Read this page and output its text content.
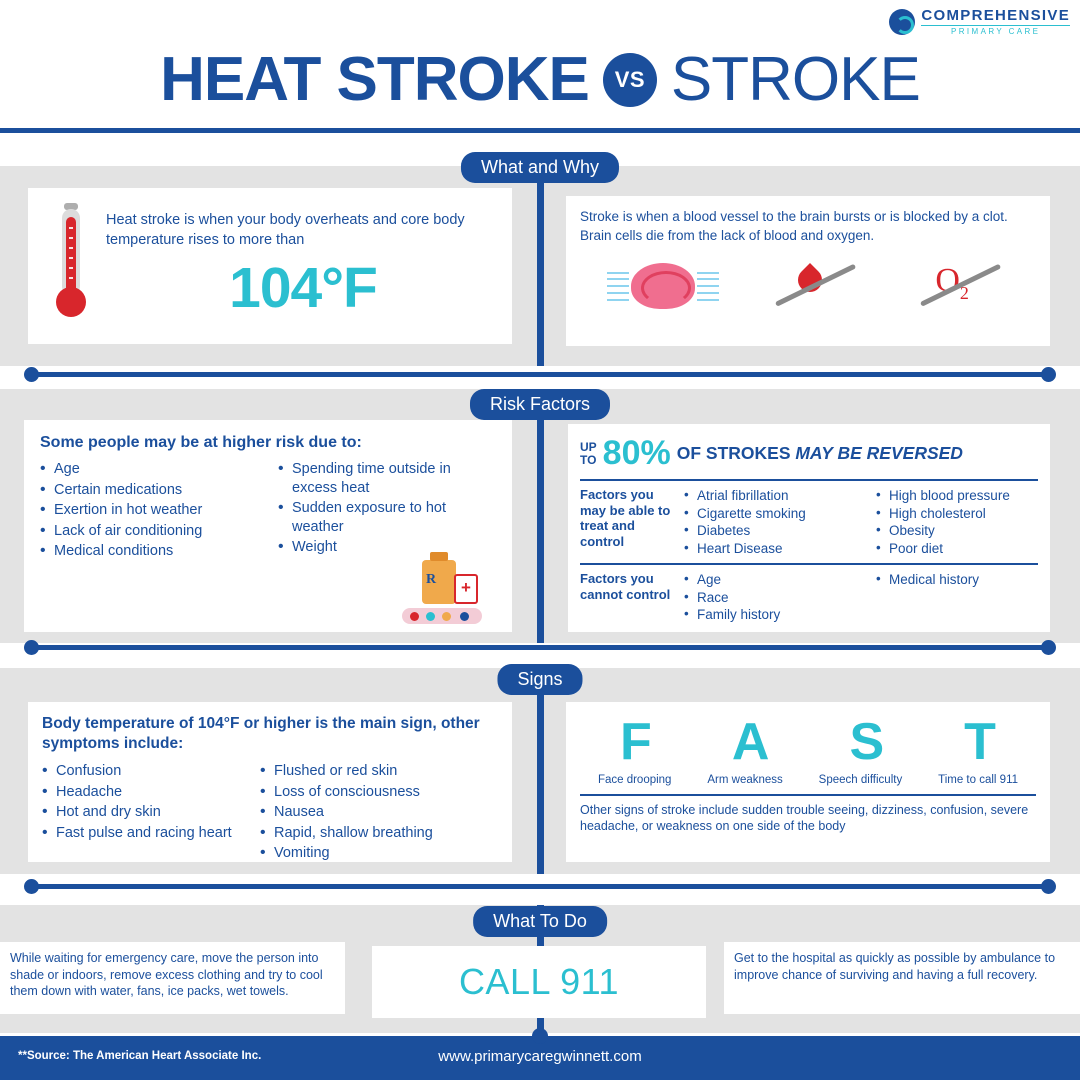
COMPREHENSIVE
PRIMARY CARE
HEAT STROKE	VS STROKE
What and Why
Heat stroke is when your body overheats and core body temperature rises to more than
104°F
Stroke is when a blood vessel to the brain bursts or is blocked by a clot. Brain cells die from the lack of blood and oxygen.
$O_2$
Risk Factors
Some people may be at higher risk due to:
• Age
• Certain medications
• Exertion in hot weather
• Lack of air conditioning
• Medical conditions
• Spending time outside in excess heat
• Sudden exposure to hot weather
• Weight
R
+
UP
TO 80% OF STROKES MAY BE REVERSED
Factors you may be able to treat and control
• Atrial fibrillation
• Cigarette smoking
• Diabetes
• Heart Disease
• High blood pressure
• High cholesterol
• Obesity
• Poor diet
Factors you cannot control
• Age
• Race
• Family history
• Medical history
Signs
Body temperature of 104°F or higher is the main sign, other symptoms include:
• Confusion
• Headache
• Hot and dry skin
• Fast pulse and racing heart
• Flushed or red skin
• Loss of consciousness
• Nausea
• Rapid, shallow breathing
• Vomiting
F A S T
Face drooping	Arm weakness	Speech difficulty	Time to call 911
Other signs of stroke include sudden trouble seeing, dizziness, confusion, severe headache, or weakness on one side of the body
What To Do
While waiting for emergency care, move the person into shade or indoors, remove excess clothing and try to cool them down with water, fans, ice packs, wet towels.	CALL 911
Get to the hospital as quickly as possible by ambulance to improve chance of surviving and having a full recovery.
**Source: The American Heart Associate Inc.	www.primarycaregwinnett.com
